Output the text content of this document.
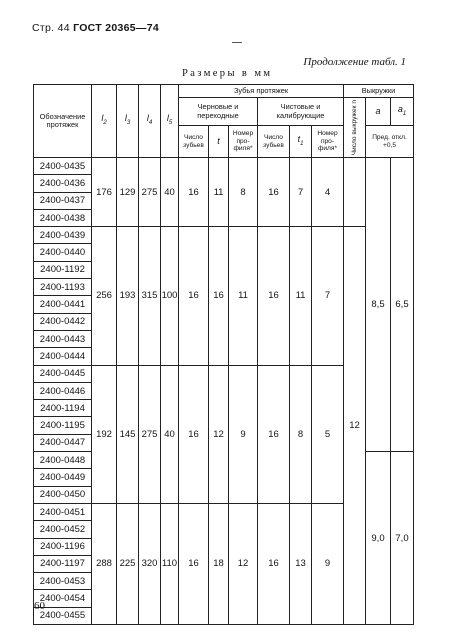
Стр. 44 ГОСТ 20365—74
Продолжение табл. 1
Размеры в мм
Обозначение протяжек	$l_2$	$l_3$	$l_4$	$l_5$	Зубья протяжек						Выкружки		
					Черновые и переходные			Чистовые и калибрующие			Число выкружек n	a	$a_1$
					Число зубьев	t	Номер про- филя*	Число зубьев	$t_1$	Номер про- филя*		Пред. откл. +0,5	
2400-0435	176	129	275	40	16	11	8	16	7	4		8,5	6,5
2400-0436													
2400-0437													
2400-0438													
2400-0439	256	193	315	100	16	16	11	16	11	7	12		
2400-0440													
2400-1192													
2400-1193													
2400-0441													
2400-0442													
2400-0443													
2400-0444													
2400-0445	192	145	275	40	16	12	9	16	8	5			
2400-0446													
2400-1194													
2400-1195													
2400-0447													
2400-0448												9,0	7,0
2400-0449													
2400-0450													
2400-0451	288	225	320	110	16	18	12	16	13	9			
2400-0452													
2400-1196													
2400-1197													
2400-0453													
2400-0454													
2400-0455													
60
